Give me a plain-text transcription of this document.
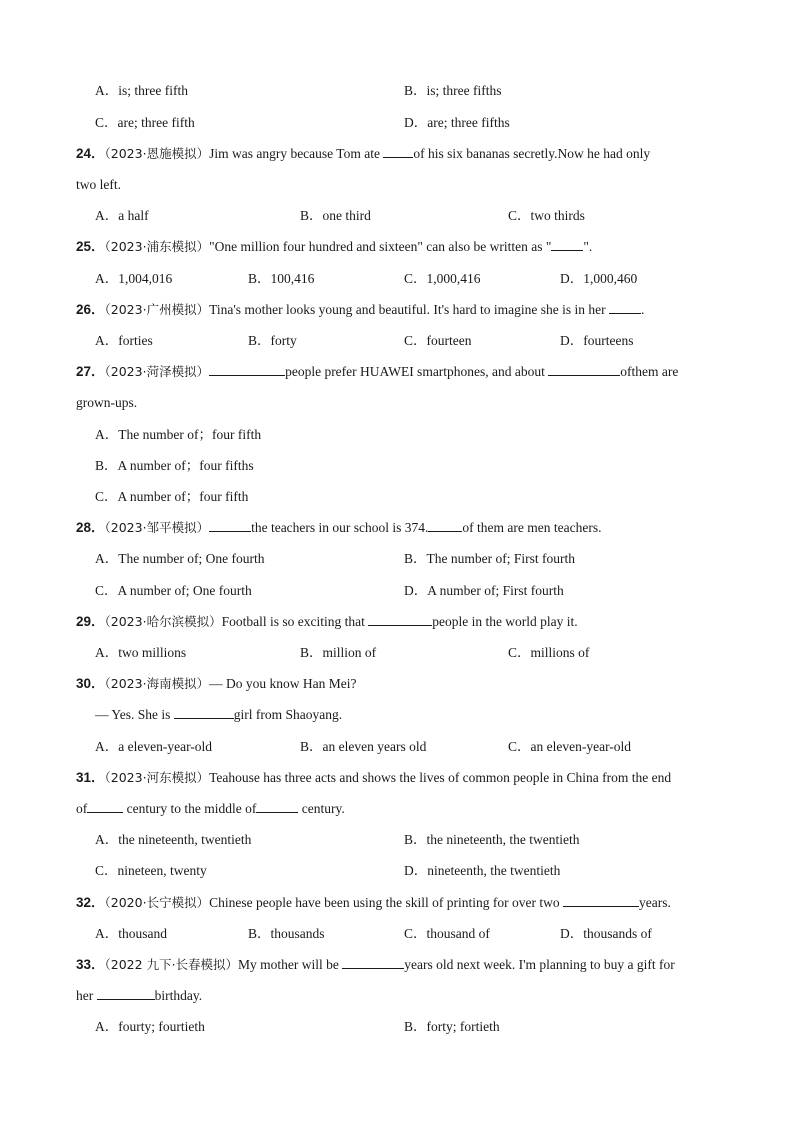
A．is; three fifth	B．is; three fifths
C．are; three fifth	D．are; three fifths
24．（2023·恩施模拟）Jim was angry because Tom ate of his six bananas secretly.Now he had only
two left.
A．a half	B．one third	C．two thirds
25．（2023·浦东模拟）"One million four hundred and sixteen" can also be written as " ".
A．1,004,016	B．100,416	C．1,000,416	D．1,000,460
26．（2023·广州模拟）Tina's mother looks young and beautiful. It's hard to imagine she is in her .
A．forties	B．forty	C．fourteen	D．fourteens
27．（2023·菏泽模拟）	people prefer HUAWEI smartphones, and about	ofthem are
grown-ups.
A．The number of；four fifth
B．A number of；four fifths
C．A number of；four fifth
28．（2023·邹平模拟）	the teachers in our school is 374.	of them are men teachers.
A．The number of; One fourth	B．The number of; First fourth
C．A number of; One fourth	D．A number of; First fourth
29．（2023·哈尔滨模拟）Football is so exciting that	people in the world play it.
A．two millions	B．million of	C．millions of
30．（2023·海南模拟）— Do you know Han Mei?
— Yes. She is	girl from Shaoyang.
A．a eleven-year-old	B．an eleven years old	C．an eleven-year-old
31．（2023·河东模拟）Teahouse has three acts and shows the lives of common people in China from the end
of	century to the middle of	century.
A．the nineteenth, twentieth	B．the nineteenth, the twentieth
C．nineteen, twenty	D．nineteenth, the twentieth
32．（2020·长宁模拟）Chinese people have been using the skill of printing for over two	years.
A．thousand	B．thousands	C．thousand of	D．thousands of
33．（2022 九下·长春模拟）My mother will be	years old next week. I'm planning to buy a gift for
her	birthday.
A．fourty; fourtieth	B．forty; fortieth
